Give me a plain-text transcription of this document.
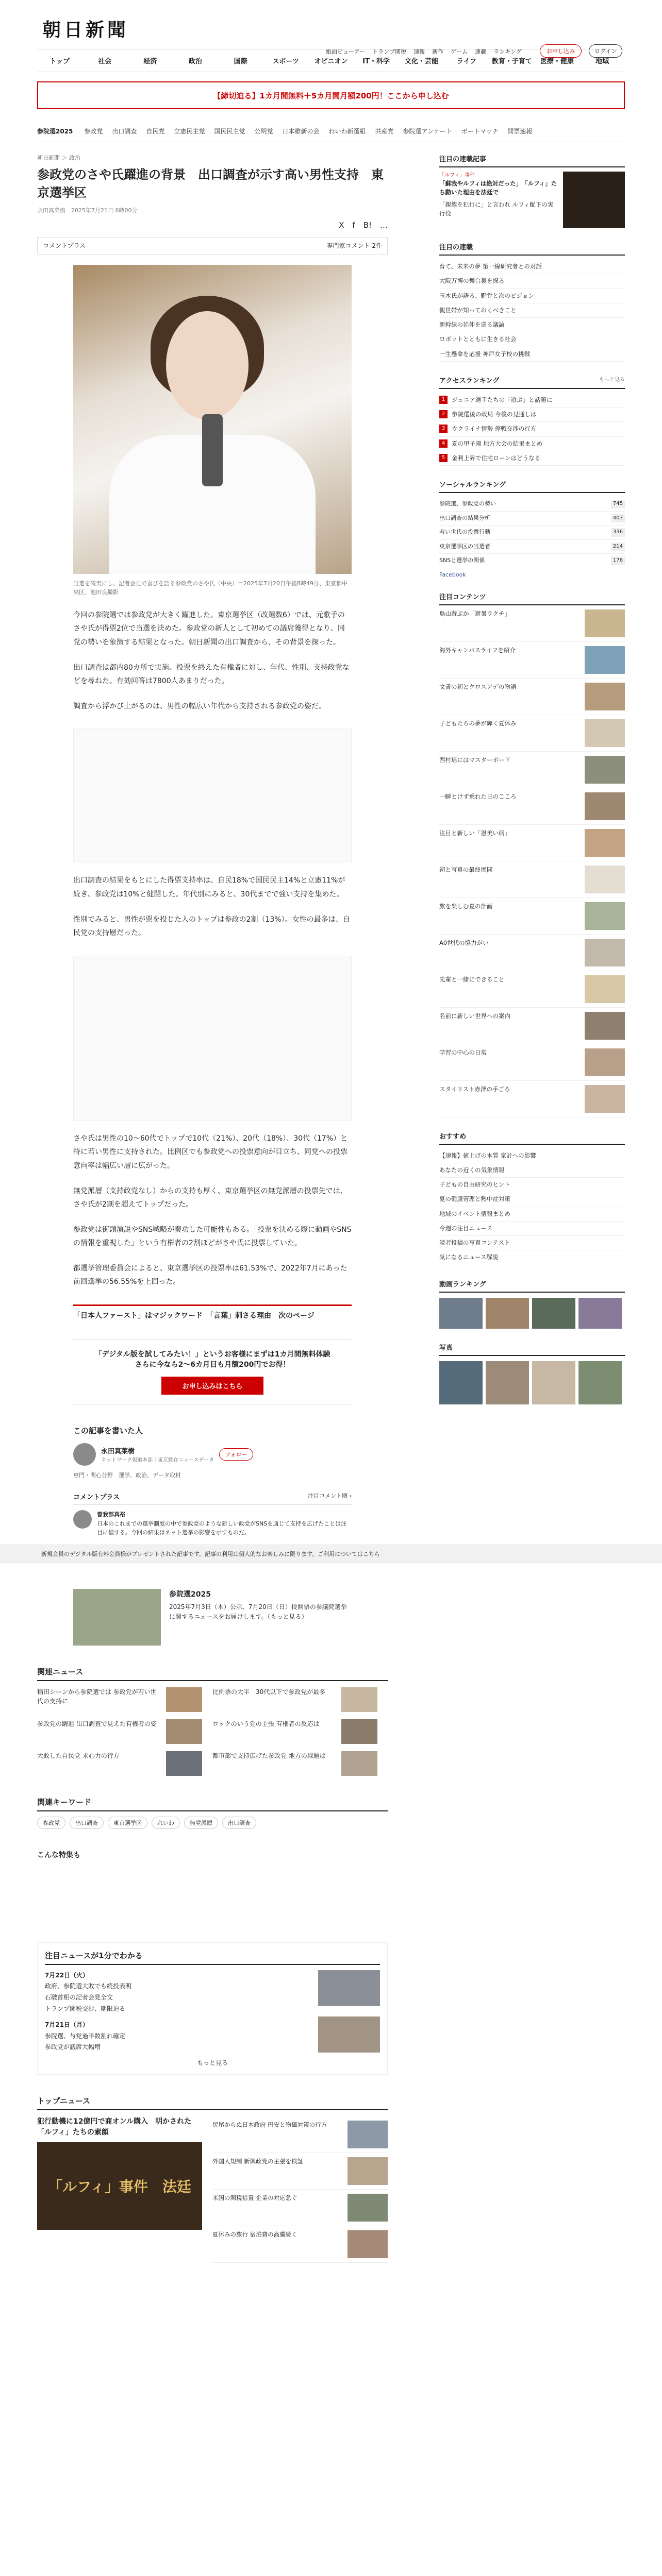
朝日新聞
紙面ビューアー トランプ関税 速報 新作 ゲーム 連載 ランキング	お申し込み	ログイン
トップ	社会	経済	政治	国際	スポーツ	オピニオン	IT・科学	文化・芸能	ライフ	教育・子育て	医療・健康	地域
【締切迫る】1カ月間無料＋5カ月間月額200円！ここから申し込む
参院選2025 参政党 出口調査 自民党 立憲民主党 国民民主党 公明党 日本維新の会 れいわ新選組 共産党 参院選アンケート ボートマッチ 開票速報
朝日新聞 ＞ 政治
参政党のさや氏躍進の背景　出口調査が示す高い男性支持　東京選挙区
永田真菜樹　2025年7月21日 6時00分
X f B! …
コメントプラス	専門家コメント 2件
当選を確実にし、記者会見で喜びを語る参政党のさや氏（中央）＝2025年7月20日午後8時49分、東京都中央区、池田良撮影

今回の参院選では参政党が大きく躍進した。東京選挙区（改選数6）では、元歌手のさや氏が得票2位で当選を決めた。参政党の新人として初めての議席獲得となり、同党の勢いを象徴する結果となった。朝日新聞の出口調査から、その背景を探った。

出口調査は都内80カ所で実施。投票を終えた有権者に対し、年代、性別、支持政党などを尋ねた。有効回答は7800人あまりだった。

調査から浮かび上がるのは、男性の幅広い年代から支持される参政党の姿だ。

出口調査の結果をもとにした得票支持率は、自民18%で国民民主14%と立憲11%が続き、参政党は10%と健闘した。年代別にみると、30代までで強い支持を集めた。

性別でみると、男性が票を投じた人のトップは参政の2割（13%）。女性の最多は、自民党の支持層だった。

さや氏は男性の10〜60代でトップで10代（21%）、20代（18%）、30代（17%）と特に若い男性に支持された。比例区でも参政党への投票意向が目立ち、同党への投票意向率は幅広い層に広がった。

無党派層（支持政党なし）からの支持も厚く、東京選挙区の無党派層の投票先では、さや氏が2割を超えてトップだった。

参政党は街頭演説やSNS戦略が奏功した可能性もある。「投票を決める際に動画やSNSの情報を重視した」という有権者の2割ほどがさや氏に投票していた。

都選挙管理委員会によると、東京選挙区の投票率は61.53%で、2022年7月にあった前回選挙の56.55%を上回った。

「日本人ファースト」はマジックワード　「言葉」刺さる理由　次のページ
「デジタル版を試してみたい！」というお客様にまずは1カ月間無料体験
さらに今なら2〜6カ月目も月額200円でお得！
お申し込みはこちら
この記事を書いた人
永田真菜樹
ネットワーク報道本部｜東京駐在ニュースデータ
フォロー
専門・関心分野　選挙、政治、データ取材
コメントプラス	注目コメント順 ›
曽我部真裕
日本のこれまでの選挙制度の中で参政党のような新しい政党がSNSを通じて支持を広げたことは注目に値する。今回の結果はネット選挙の影響を示すものだ。
新規会員のデジタル版有料会員様がプレゼントされた記事です。記事の利用は個人的なお楽しみに限ります。ご利用についてはこちら
参院選2025
2025年7月3日（木）公示、7月20日（日）投開票の参議院選挙に関するニュースをお届けします。（もっと見る）
関連ニュース
稲田シーンから参院選では 参政党が若い世代の支持に
比例票の大半　30代以下で参政党が最多
参政党の躍進 出口調査で見えた有権者の姿	ロックのいう党の主張 有権者の反応は
大敗した自民党 求心力の行方	都市部で支持広げた参政党 地方の課題は
関連キーワード
参政党	出口調査	東京選挙区	れいわ	無党派層	出口調査
こんな特集も
注目ニュースが1分でわかる
7月22日（火）
政府、参院選大敗でも続投表明
石破首相の記者会見全文
トランプ関税交渉、期限迫る
7月21日（月）
参院選、与党過半数割れ確定
参政党が議席大幅増
もっと見る
トップニュース
犯行動機に12億円で商オンル購入　明かされた「ルフィ」たちの素顔
「ルフィ」事件　法廷
尻尾からぬ日本政府 円安と物価対策の行方
外国人規制 新興政党の主張を検証
米国の関税措置 企業の対応急ぐ
夏休みの旅行 宿泊費の高騰続く
注目の連載記事
「ルフィ」事件
「蘇我やルフィは絶対だった」　「ルフィ」たち動いた理由を法廷で
「親族を犯行に」と言われ ルフィ配下の実行役
注目の連載
育て、未来の夢 第一線研究者との対話
大阪万博の舞台裏を探る
玉木氏が語る、野党と次のビジョン
親世帯が知っておくべきこと
新幹線の延伸を巡る議論
ロボットとともに生きる社会
一生懸命を応援 神戸女子校の挑戦
アクセスランキング	もっと見る
1	ジュニア選手たちの「遊ぶ」と話題に
2	参院選後の政局 今後の見通しは
3	ウクライナ情勢 停戦交渉の行方
4	夏の甲子園 地方大会の結果まとめ
5	金利上昇で住宅ローンはどうなる
ソーシャルランキング
参院選、参政党の勢い	745
出口調査の結果分析	403
若い世代の投票行動	336
東京選挙区の当選者	214
SNSと選挙の関係	176
Facebook
注目コンテンツ
島山遊ぶか「避暑ラクチ」
海外キャンパスライフを紹介
文書の初とクロスアデの物語
子どもたちの夢が輝く夏休み
西村瑶にはマスターボード
一瞬とけず乗れた日のこころ
注目と新しい「恩美い病」
初と写真の最終展開
旅を楽しむ夏の計画
A0世代の協力がい
先輩と一緒にできること
名前に新しい世界への案内
学習の中心の日常
スタイリスト赤澤の手ごろ
おすすめ
【速報】値上げの本質 家計への影響
あなたの近くの気象情報
子どもの自由研究のヒント
夏の健康管理と熱中症対策
地域のイベント情報まとめ
今週の注目ニュース
読者投稿の写真コンテスト
気になるニュース解説
動画ランキング
写真
